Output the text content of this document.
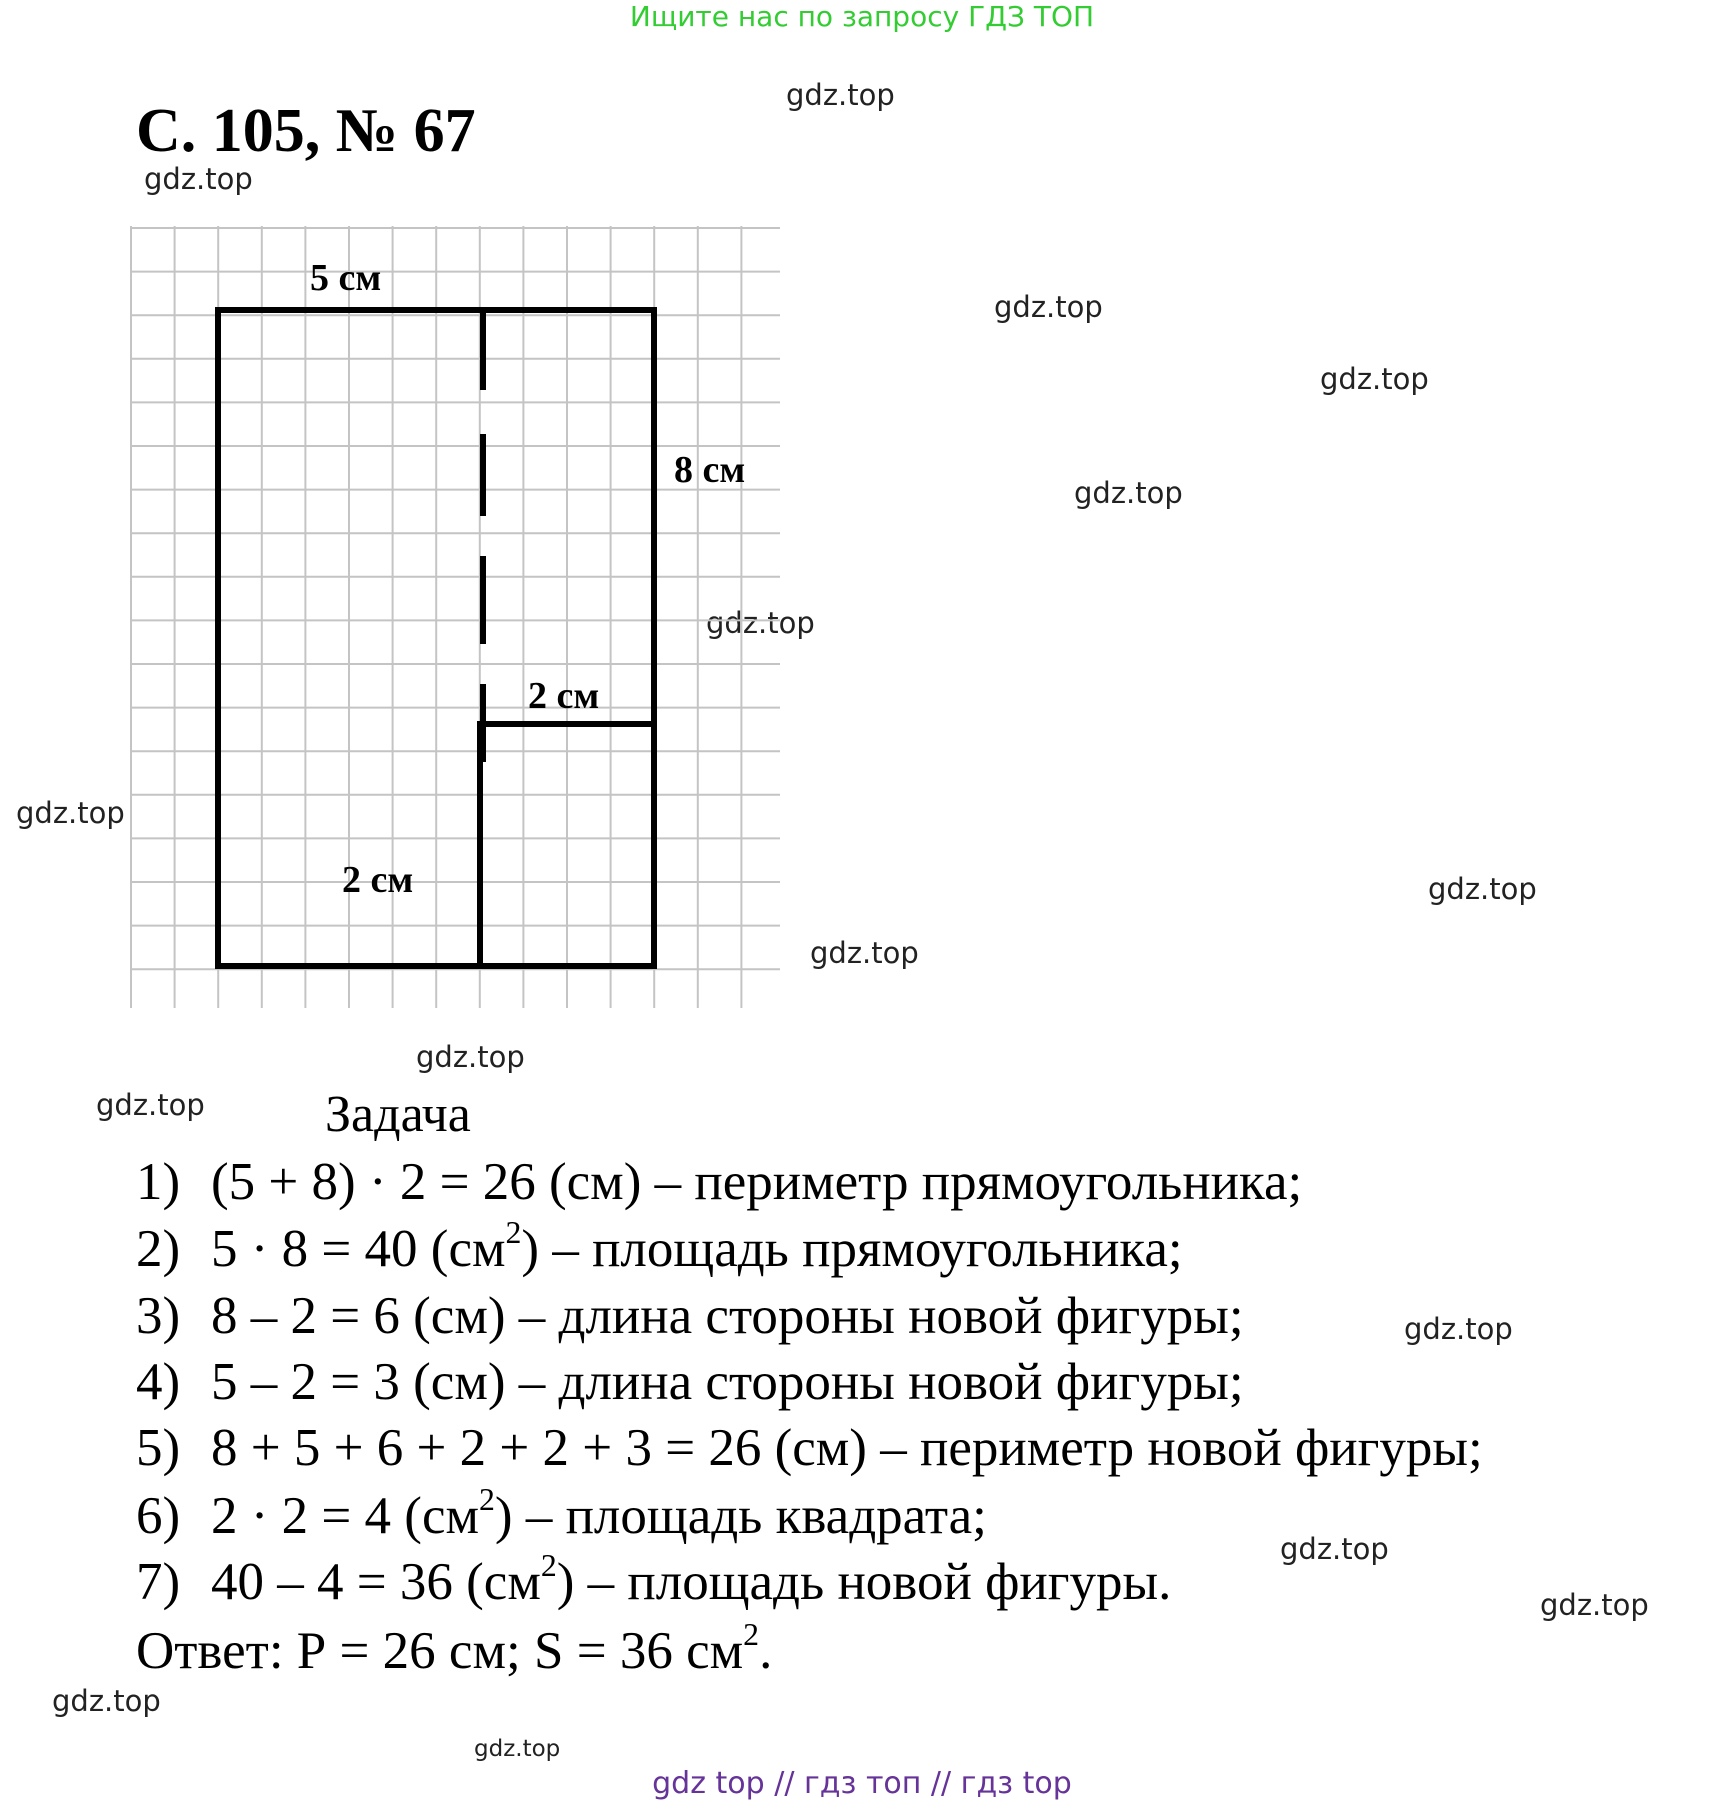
Ищите нас по запросу ГДЗ ТОП
С. 105, № 67
gdz.top
gdz.top
gdz.top
gdz.top
gdz.top
gdz.top
gdz.top
gdz.top
gdz.top
gdz.top
gdz.top
gdz.top
gdz.top
gdz.top
gdz.top
gdz.top
5 см
8 см
2 см
2 см
Задача
1) (5 + 8) · 2 = 26 (см) – периметр прямоугольника;
2) 5 · 8 = 40 $(см^2)$ – площадь прямоугольника;
3) 8 – 2 = 6 (см) – длина стороны новой фигуры;
4) 5 – 2 = 3 (см) – длина стороны новой фигуры;
5) 8 + 5 + 6 + 2 + 2 + 3 = 26 (см) – периметр новой фигуры;
6) 2 · 2 = 4 $(см^2)$ – площадь квадрата;
7) 40 – 4 = 36 $(см^2)$ – площадь новой фигуры.
Ответ: Р = 26 см; S = 36 $см^2$.
gdz top // гдз топ // гдз top
